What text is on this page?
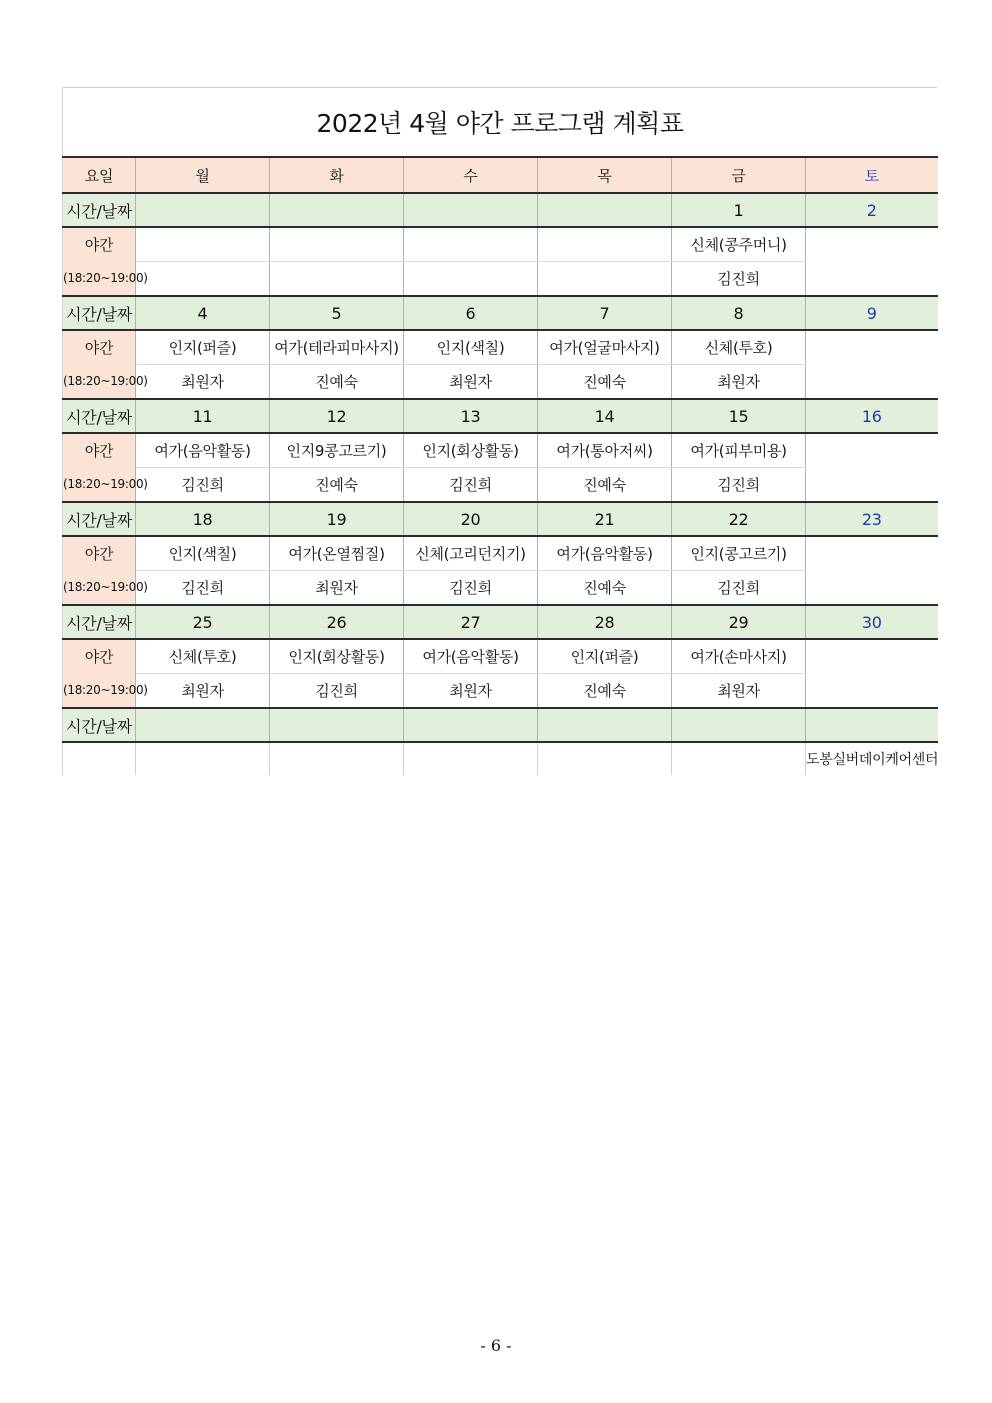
2022년 4월 야간 프로그램 계획표
요일	월	화	수	목	금	토
시간/날짜					1	2
야간					신체(콩주머니)	
(18:20~19:00)					김진희	
시간/날짜	4	5	6	7	8	9
야간	인지(퍼즐)	여가(테라피마사지)	인지(색칠)	여가(얼굴마사지)	신체(투호)	
(18:20~19:00)	최원자	진예숙	최원자	진예숙	최원자	
시간/날짜	11	12	13	14	15	16
야간	여가(음악활동)	인지9콩고르기)	인지(회상활동)	여가(통아저씨)	여가(피부미용)	
(18:20~19:00)	김진희	진예숙	김진희	진예숙	김진희	
시간/날짜	18	19	20	21	22	23
야간	인지(색칠)	여가(온열찜질)	신체(고리던지기)	여가(음악활동)	인지(콩고르기)	
(18:20~19:00)	김진희	최원자	김진희	진예숙	김진희	
시간/날짜	25	26	27	28	29	30
야간	신체(투호)	인지(회상활동)	여가(음악활동)	인지(퍼즐)	여가(손마사지)	
(18:20~19:00)	최원자	김진희	최원자	진예숙	최원자	
시간/날짜						
						도봉실버데이케어센터
- 6 -
